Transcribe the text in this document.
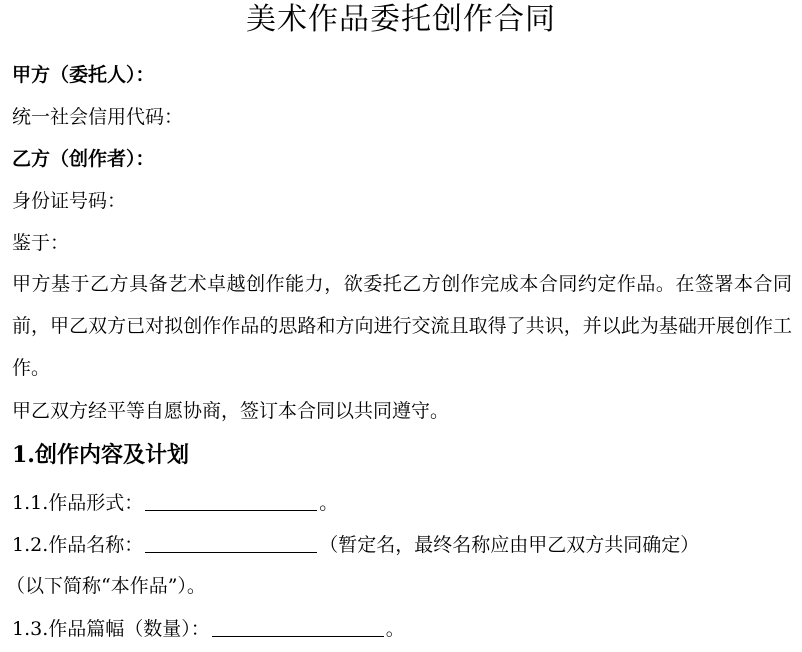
美术作品委托创作合同
甲方（委托人）：
统一社会信用代码：
乙方（创作者）：
身份证号码：
鉴于：
甲方基于乙方具备艺术卓越创作能力，欲委托乙方创作完成本合同约定作品。在签署本合同前，甲乙双方已对拟创作作品的思路和方向进行交流且取得了共识，并以此为基础开展创作工作。
甲乙双方经平等自愿协商，签订本合同以共同遵守。
1.创作内容及计划
1.1.作品形式：	。
1.2.作品名称：	（暂定名，最终名称应由甲乙双方共同确定）
（以下简称“本作品”）。
1.3.作品篇幅（数量）：	。
